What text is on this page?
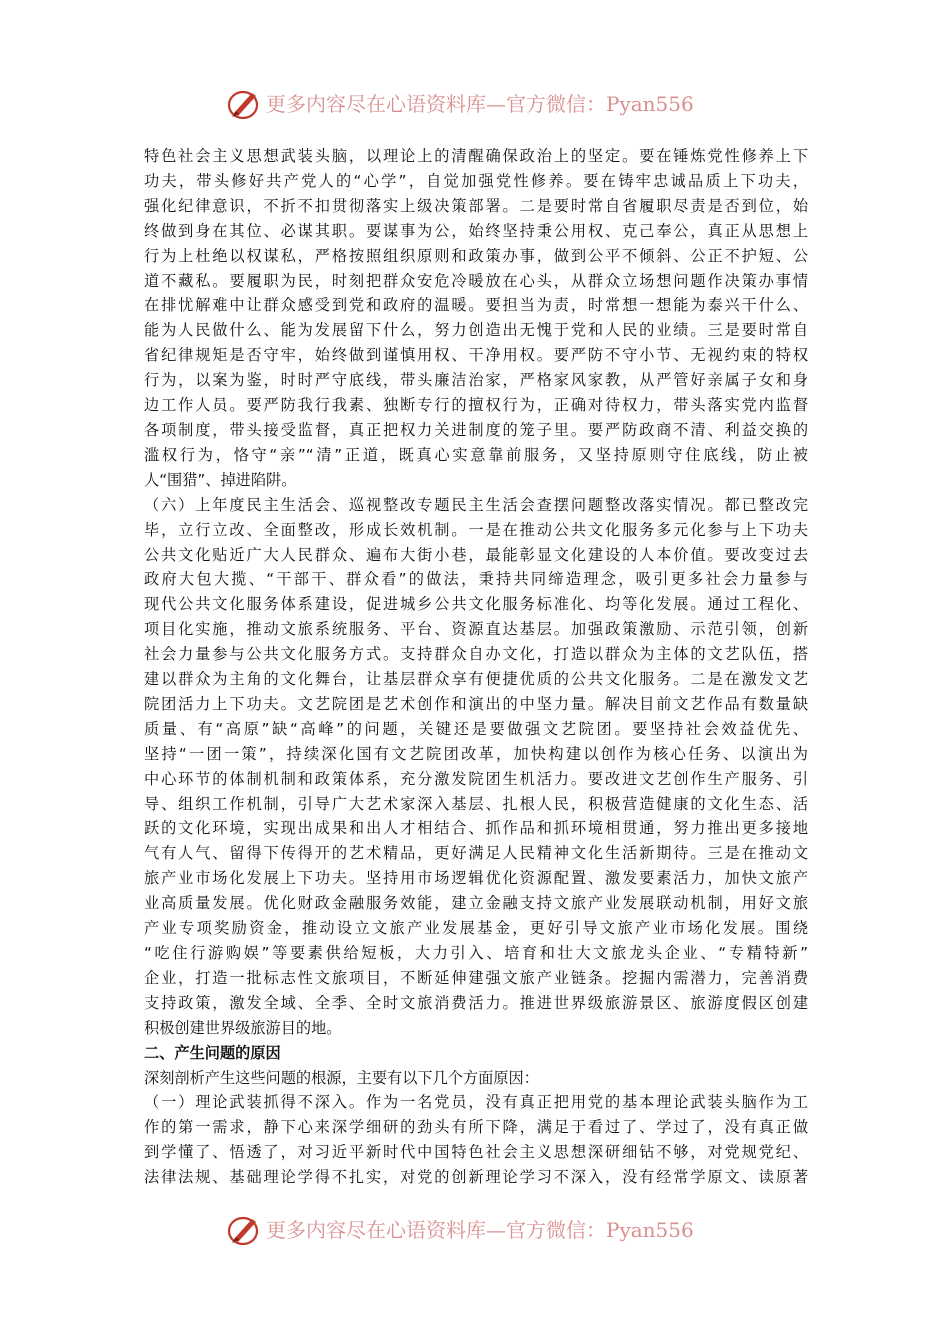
更多内容尽在心语资料库—官方微信：Pyan556

特色社会主义思想武装头脑，以理论上的清醒确保政治上的坚定。要在锤炼党性修养上下
功夫，带头修好共产党人的“心学”，自觉加强党性修养。要在铸牢忠诚品质上下功夫，
强化纪律意识，不折不扣贯彻落实上级决策部署。二是要时常自省履职尽责是否到位，始
终做到身在其位、必谋其职。要谋事为公，始终坚持秉公用权、克己奉公，真正从思想上
行为上杜绝以权谋私，严格按照组织原则和政策办事，做到公平不倾斜、公正不护短、公
道不藏私。要履职为民，时刻把群众安危冷暖放在心头，从群众立场想问题作决策办事情
在排忧解难中让群众感受到党和政府的温暖。要担当为责，时常想一想能为泰兴干什么、
能为人民做什么、能为发展留下什么，努力创造出无愧于党和人民的业绩。三是要时常自
省纪律规矩是否守牢，始终做到谨慎用权、干净用权。要严防不守小节、无视约束的特权
行为，以案为鉴，时时严守底线，带头廉洁治家，严格家风家教，从严管好亲属子女和身
边工作人员。要严防我行我素、独断专行的擅权行为，正确对待权力，带头落实党内监督
各项制度，带头接受监督，真正把权力关进制度的笼子里。要严防政商不清、利益交换的
滥权行为，恪守“亲”“清”正道，既真心实意靠前服务，又坚持原则守住底线，防止被

人“围猎”、掉进陷阱。

（六）上年度民主生活会、巡视整改专题民主生活会查摆问题整改落实情况。都已整改完
毕，立行立改、全面整改，形成长效机制。一是在推动公共文化服务多元化参与上下功夫
公共文化贴近广大人民群众、遍布大街小巷，最能彰显文化建设的人本价值。要改变过去
政府大包大揽、“干部干、群众看”的做法，秉持共同缔造理念，吸引更多社会力量参与
现代公共文化服务体系建设，促进城乡公共文化服务标准化、均等化发展。通过工程化、
项目化实施，推动文旅系统服务、平台、资源直达基层。加强政策激励、示范引领，创新
社会力量参与公共文化服务方式。支持群众自办文化，打造以群众为主体的文艺队伍，搭
建以群众为主角的文化舞台，让基层群众享有便捷优质的公共文化服务。二是在激发文艺
院团活力上下功夫。文艺院团是艺术创作和演出的中坚力量。解决目前文艺作品有数量缺
质量、有“高原”缺“高峰”的问题，关键还是要做强文艺院团。要坚持社会效益优先、
坚持“一团一策”，持续深化国有文艺院团改革，加快构建以创作为核心任务、以演出为
中心环节的体制机制和政策体系，充分激发院团生机活力。要改进文艺创作生产服务、引
导、组织工作机制，引导广大艺术家深入基层、扎根人民，积极营造健康的文化生态、活
跃的文化环境，实现出成果和出人才相结合、抓作品和抓环境相贯通，努力推出更多接地
气有人气、留得下传得开的艺术精品，更好满足人民精神文化生活新期待。三是在推动文
旅产业市场化发展上下功夫。坚持用市场逻辑优化资源配置、激发要素活力，加快文旅产
业高质量发展。优化财政金融服务效能，建立金融支持文旅产业发展联动机制，用好文旅
产业专项奖励资金，推动设立文旅产业发展基金，更好引导文旅产业市场化发展。围绕
“吃住行游购娱”等要素供给短板，大力引入、培育和壮大文旅龙头企业、“专精特新”
企业，打造一批标志性文旅项目，不断延伸建强文旅产业链条。挖掘内需潜力，完善消费
支持政策，激发全域、全季、全时文旅消费活力。推进世界级旅游景区、旅游度假区创建

积极创建世界级旅游目的地。

二、产生问题的原因

深刻剖析产生这些问题的根源，主要有以下几个方面原因：

（一）理论武装抓得不深入。作为一名党员，没有真正把用党的基本理论武装头脑作为工
作的第一需求，静下心来深学细研的劲头有所下降，满足于看过了、学过了，没有真正做
到学懂了、悟透了，对习近平新时代中国特色社会主义思想深研细钻不够，对党规党纪、
法律法规、基础理论学得不扎实，对党的创新理论学习不深入，没有经常学原文、读原著

更多内容尽在心语资料库—官方微信：Pyan556
